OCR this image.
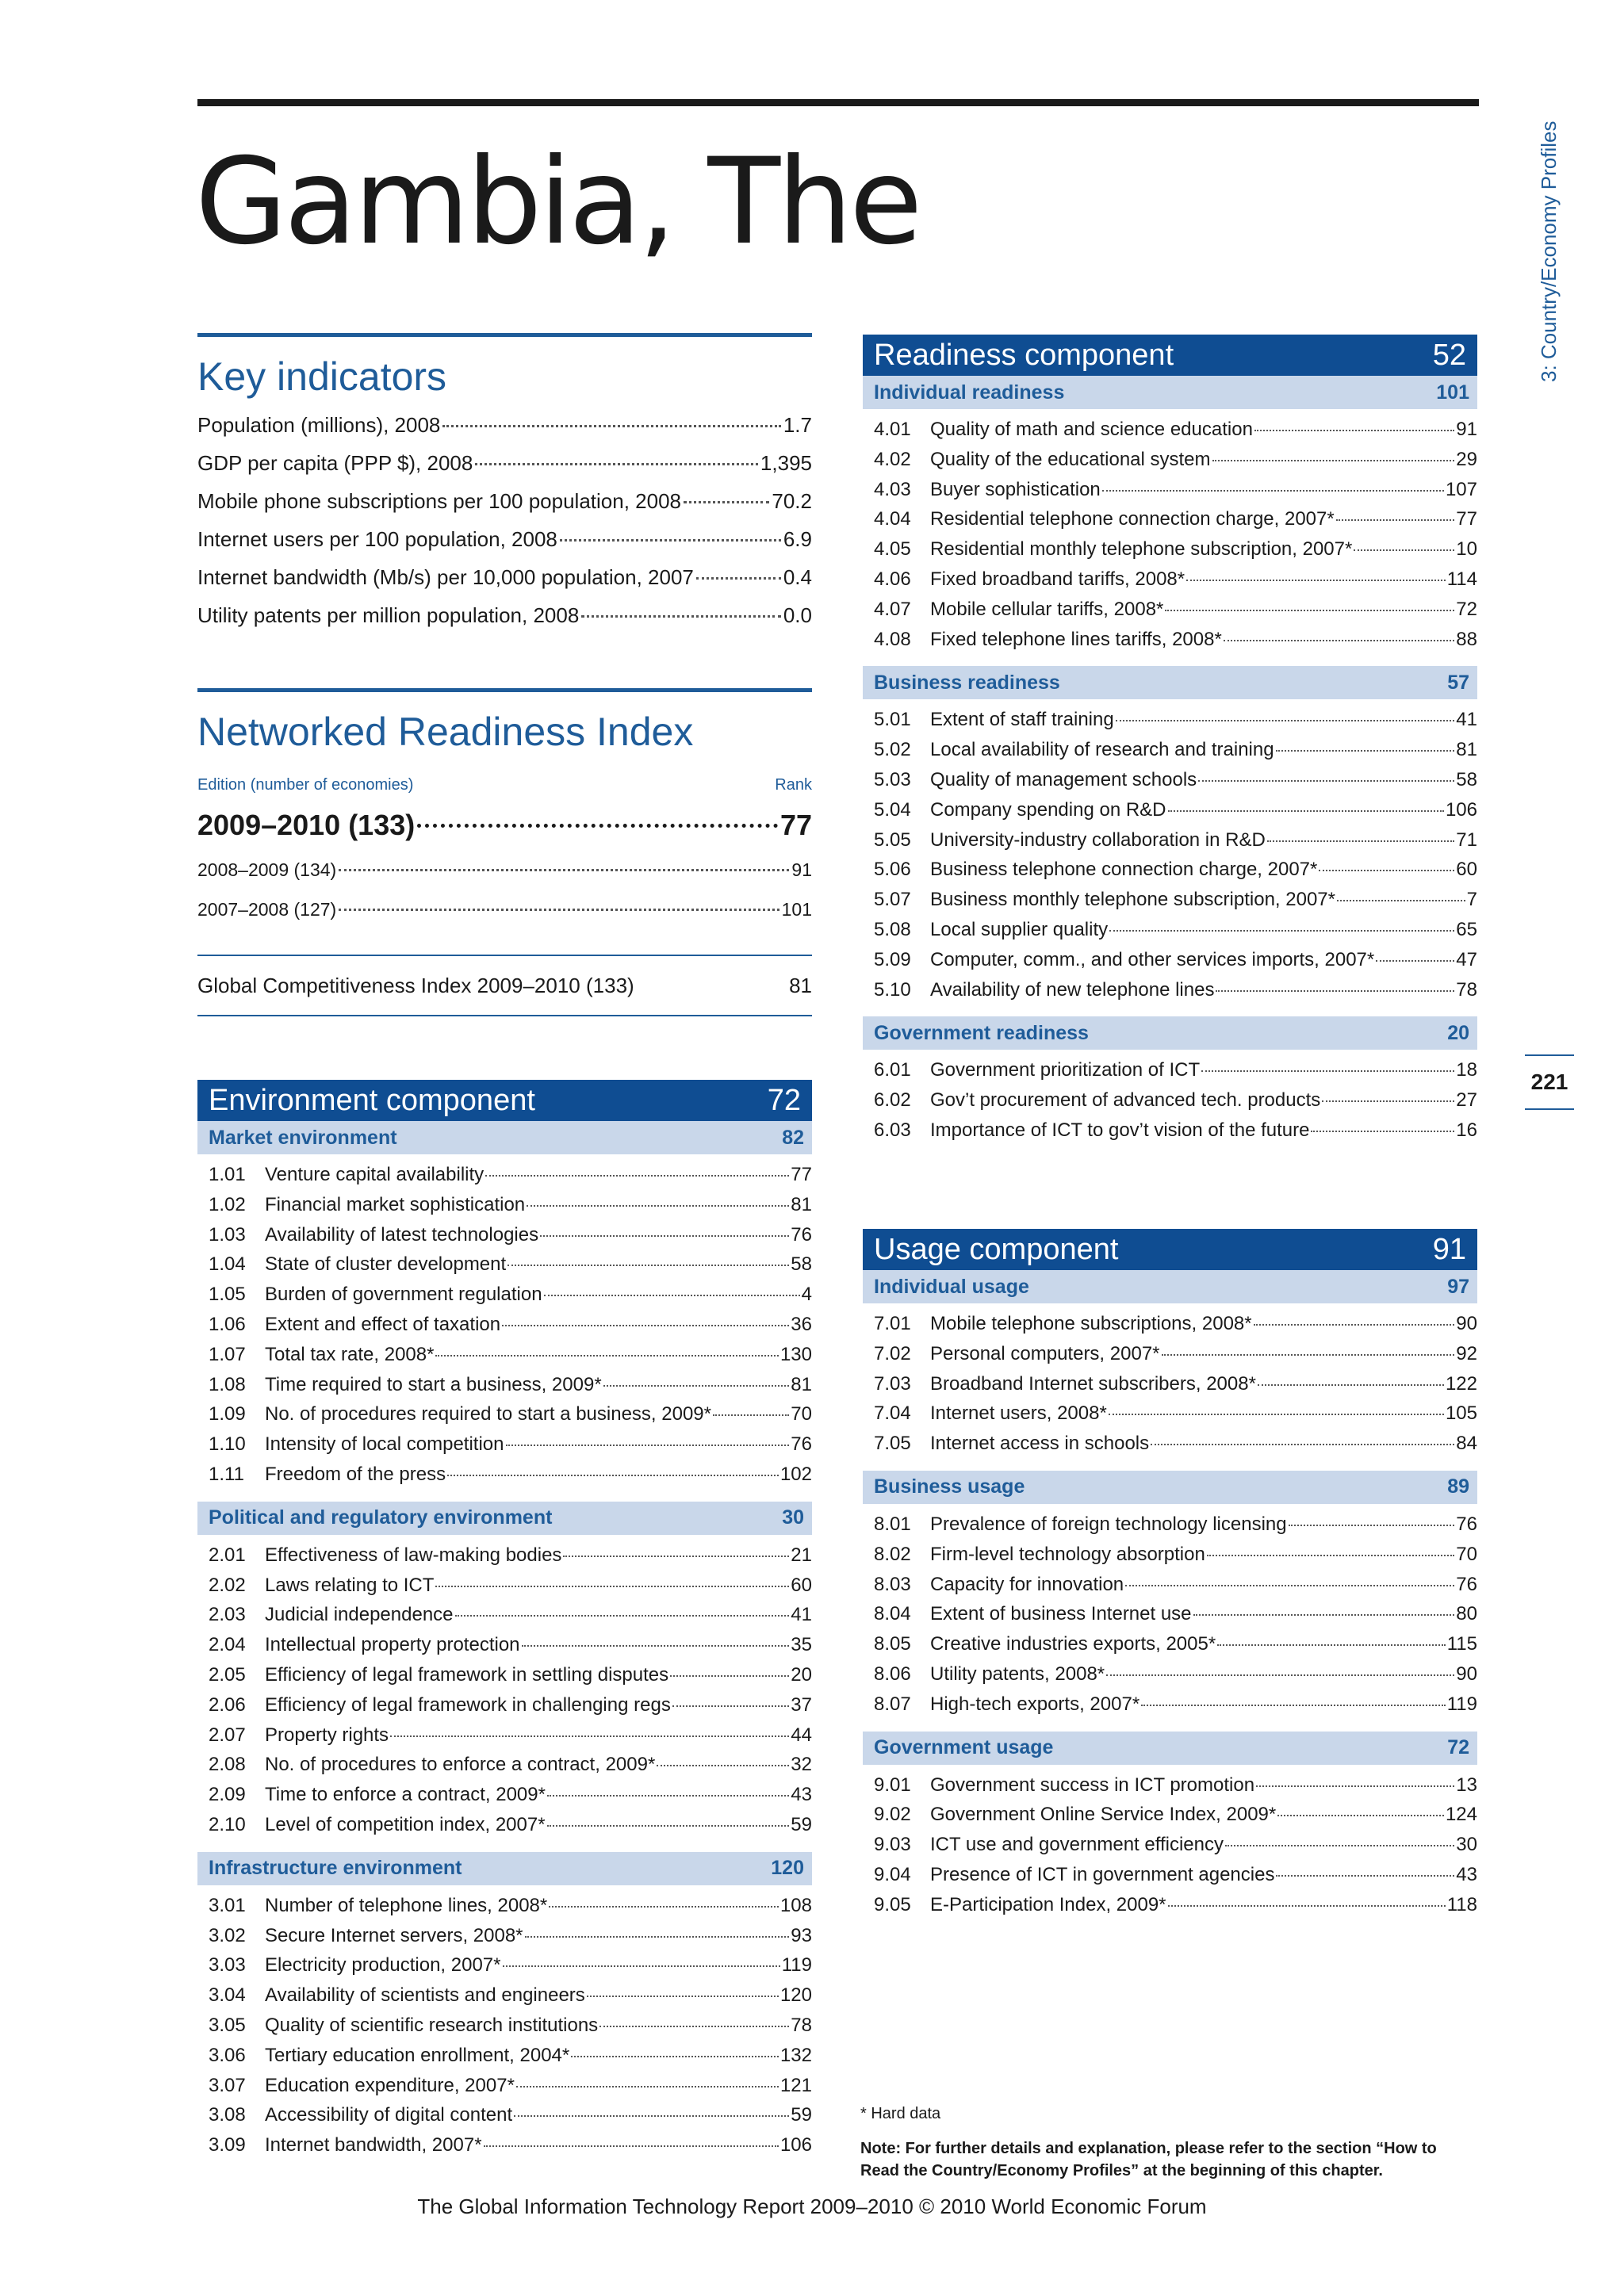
Gambia, The	3: Country/Economy Profiles
221
Key indicators
Population (millions), 2008	1.7
GDP per capita (PPP $), 2008	1,395
Mobile phone subscriptions per 100 population, 2008	70.2
Internet users per 100 population, 2008	6.9
Internet bandwidth (Mb/s) per 10,000 population, 2007	0.4
Utility patents per million population, 2008	0.0
Networked Readiness Index
Edition (number of economies)	Rank
2009–2010 (133)	77
2008–2009 (134)	91
2007–2008 (127)	101
Global Competitiveness Index 2009–2010 (133)	81
Environment component	72
Market environment	82
1.01	Venture capital availability	77
1.02	Financial market sophistication	81
1.03	Availability of latest technologies	76
1.04	State of cluster development	58
1.05	Burden of government regulation	4
1.06	Extent and effect of taxation	36
1.07	Total tax rate, 2008*	130
1.08	Time required to start a business, 2009*	81
1.09	No. of procedures required to start a business, 2009*	70
1.10	Intensity of local competition	76
1.11	Freedom of the press	102
Political and regulatory environment	30
2.01	Effectiveness of law-making bodies	21
2.02	Laws relating to ICT	60
2.03	Judicial independence	41
2.04	Intellectual property protection	35
2.05	Efficiency of legal framework in settling disputes	20
2.06	Efficiency of legal framework in challenging regs	37
2.07	Property rights	44
2.08	No. of procedures to enforce a contract, 2009*	32
2.09	Time to enforce a contract, 2009*	43
2.10	Level of competition index, 2007*	59
Infrastructure environment	120
3.01	Number of telephone lines, 2008*	108
3.02	Secure Internet servers, 2008*	93
3.03	Electricity production, 2007*	119
3.04	Availability of scientists and engineers	120
3.05	Quality of scientific research institutions	78
3.06	Tertiary education enrollment, 2004*	132
3.07	Education expenditure, 2007*	121
3.08	Accessibility of digital content	59
3.09	Internet bandwidth, 2007*	106
Readiness component	52
Individual readiness	101
4.01	Quality of math and science education	91
4.02	Quality of the educational system	29
4.03	Buyer sophistication	107
4.04	Residential telephone connection charge, 2007*	77
4.05	Residential monthly telephone subscription, 2007*	10
4.06	Fixed broadband tariffs, 2008*	114
4.07	Mobile cellular tariffs, 2008*	72
4.08	Fixed telephone lines tariffs, 2008*	88
Business readiness	57
5.01	Extent of staff training	41
5.02	Local availability of research and training	81
5.03	Quality of management schools	58
5.04	Company spending on R&D	106
5.05	University-industry collaboration in R&D	71
5.06	Business telephone connection charge, 2007*	60
5.07	Business monthly telephone subscription, 2007*	7
5.08	Local supplier quality	65
5.09	Computer, comm., and other services imports, 2007*	47
5.10	Availability of new telephone lines	78
Government readiness	20
6.01	Government prioritization of ICT	18
6.02	Gov’t procurement of advanced tech. products	27
6.03	Importance of ICT to gov’t vision of the future	16
Usage component	91
Individual usage	97
7.01	Mobile telephone subscriptions, 2008*	90
7.02	Personal computers, 2007*	92
7.03	Broadband Internet subscribers, 2008*	122
7.04	Internet users, 2008*	105
7.05	Internet access in schools	84
Business usage	89
8.01	Prevalence of foreign technology licensing	76
8.02	Firm-level technology absorption	70
8.03	Capacity for innovation	76
8.04	Extent of business Internet use	80
8.05	Creative industries exports, 2005*	115
8.06	Utility patents, 2008*	90
8.07	High-tech exports, 2007*	119
Government usage	72
9.01	Government success in ICT promotion	13
9.02	Government Online Service Index, 2009*	124
9.03	ICT use and government efficiency	30
9.04	Presence of ICT in government agencies	43
9.05	E-Participation Index, 2009*	118

* Hard data

Note: For further details and explanation, please refer to the section “How to Read the Country/Economy Profiles” at the beginning of this chapter.

The Global Information Technology Report 2009–2010 © 2010 World Economic Forum
